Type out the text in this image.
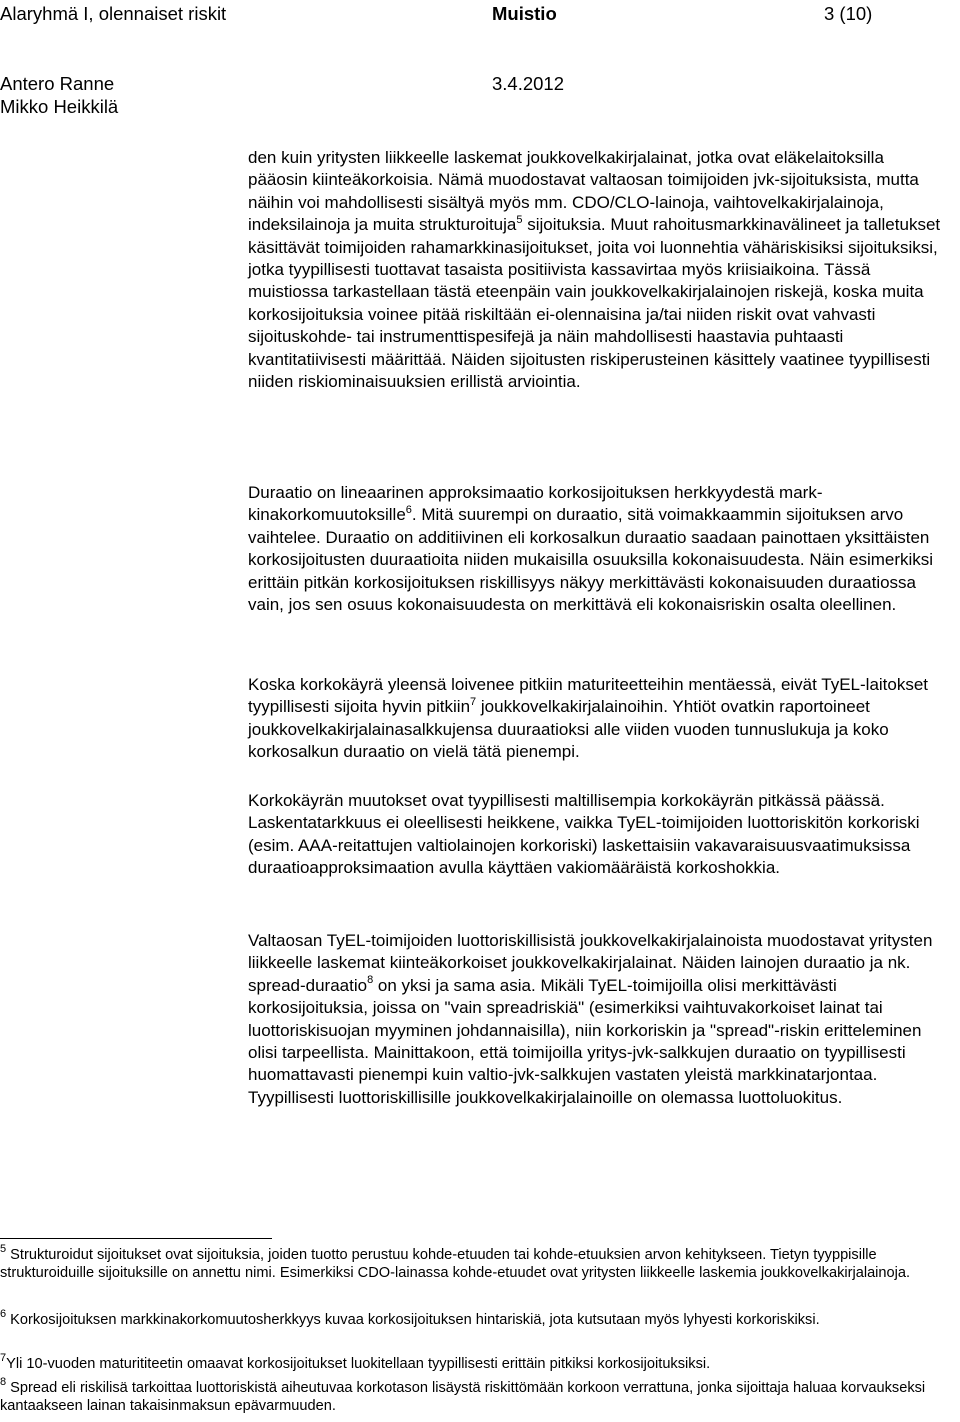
Alaryhmä I, olennaiset riskit	Muistio	3 (10)
Antero Ranne	3.4.2012
Mikko Heikkilä

den kuin yritysten liikkeelle laskemat joukkovelkakirjalainat, jotka ovat eläkelaitoksilla pääosin kiinteäkorkoisia. Nämä muodostavat valtaosan toimijoiden jvk-sijoituksista, mutta näihin voi mahdollisesti sisältyä myös mm. CDO/CLO-lainoja, vaihtovelkakirjalainoja, indeksilainoja ja muita strukturoituja$^5$ sijoituksia. Muut rahoitusmarkkinavälineet ja talletukset käsittävät toimijoiden rahamarkkinasijoitukset, joita voi luonnehtia vähäriskisiksi sijoituksiksi, jotka tyypillisesti tuottavat tasaista positiivista kassavirtaa myös kriisiaikoina. Tässä muistiossa tarkastellaan tästä eteenpäin vain joukkovelkakirjalainojen riskejä, koska muita korkosijoituksia voinee pitää riskiltään ei-olennaisina ja/tai niiden riskit ovat vahvasti sijoituskohde- tai instrumenttispesifejä ja näin mahdollisesti haastavia puhtaasti kvantitatiivisesti määrittää. Näiden sijoitusten riskiperusteinen käsittely vaatinee tyypillisesti niiden riskiominaisuuksien erillistä arviointia.

Duraatio on lineaarinen approksimaatio korkosijoituksen herkkyydestä markkinakorkomuutoksille$^6$. Mitä suurempi on duraatio, sitä voimakkaammin sijoituksen arvo vaihtelee. Duraatio on additiivinen eli korkosalkun duraatio saadaan painottaen yksittäisten korkosijoitusten duuraatioita niiden mukaisilla osuuksilla kokonaisuudesta. Näin esimerkiksi erittäin pitkän korkosijoituksen riskillisyys näkyy merkittävästi kokonaisuuden duraatiossa vain, jos sen osuus kokonaisuudesta on merkittävä eli kokonaisriskin osalta oleellinen.

Koska korkokäyrä yleensä loivenee pitkiin maturiteetteihin mentäessä, eivät TyEL-laitokset tyypillisesti sijoita hyvin pitkiin$^7$ joukkovelkakirjalainoihin. Yhtiöt ovatkin raportoineet joukkovelkakirjalainasalkkujensa duuraatioksi alle viiden vuoden tunnuslukuja ja koko korkosalkun duraatio on vielä tätä pienempi.

Korkokäyrän muutokset ovat tyypillisesti maltillisempia korkokäyrän pitkässä päässä. Laskentatarkkuus ei oleellisesti heikkene, vaikka TyEL-toimijoiden luottoriskitön korkoriski (esim. AAA-reitattujen valtiolainojen korkoriski) laskettaisiin vakavaraisuusvaatimuksissa duraatioapproksimaation avulla käyttäen vakiomääräistä korkoshokkia.

Valtaosan TyEL-toimijoiden luottoriskillisistä joukkovelkakirjalainoista muodostavat yritysten liikkeelle laskemat kiinteäkorkoiset joukkovelkakirjalainat. Näiden lainojen duraatio ja nk. spread-duraatio$^8$ on yksi ja sama asia. Mikäli TyEL-toimijoilla olisi merkittävästi korkosijoituksia, joissa on "vain spreadriskiä" (esimerkiksi vaihtuvakorkoiset lainat tai luottoriskisuojan myyminen johdannaisilla), niin korkoriskin ja "spread"-riskin eritteleminen olisi tarpeellista. Mainittakoon, että toimijoilla yritys-jvk-salkkujen duraatio on tyypillisesti huomattavasti pienempi kuin valtio-jvk-salkkujen vastaten yleistä markkinatarjontaa. Tyypillisesti luottoriskillisille joukkovelkakirjalainoille on olemassa luottoluokitus.

$^5$ Strukturoidut sijoitukset ovat sijoituksia, joiden tuotto perustuu kohde-etuuden tai kohde-etuuksien arvon kehitykseen. Tietyn tyyppisille strukturoiduille sijoituksille on annettu nimi. Esimerkiksi CDO-lainassa kohde-etuudet ovat yritysten liikkeelle laskemia joukkovelkakirjalainoja.

$^6$ Korkosijoituksen markkinakorkomuutosherkkyys kuvaa korkosijoituksen hintariskiä, jota kutsutaan myös lyhyesti korkoriskiksi.

$^7$Yli 10-vuoden maturititeetin omaavat korkosijoitukset luokitellaan tyypillisesti erittäin pitkiksi korkosijoituksiksi.

$^8$ Spread eli riskilisä tarkoittaa luottoriskistä aiheutuvaa korkotason lisäystä riskittömään korkoon verrattuna, jonka sijoittaja haluaa korvaukseksi kantaakseen lainan takaisinmaksun epävarmuuden.
